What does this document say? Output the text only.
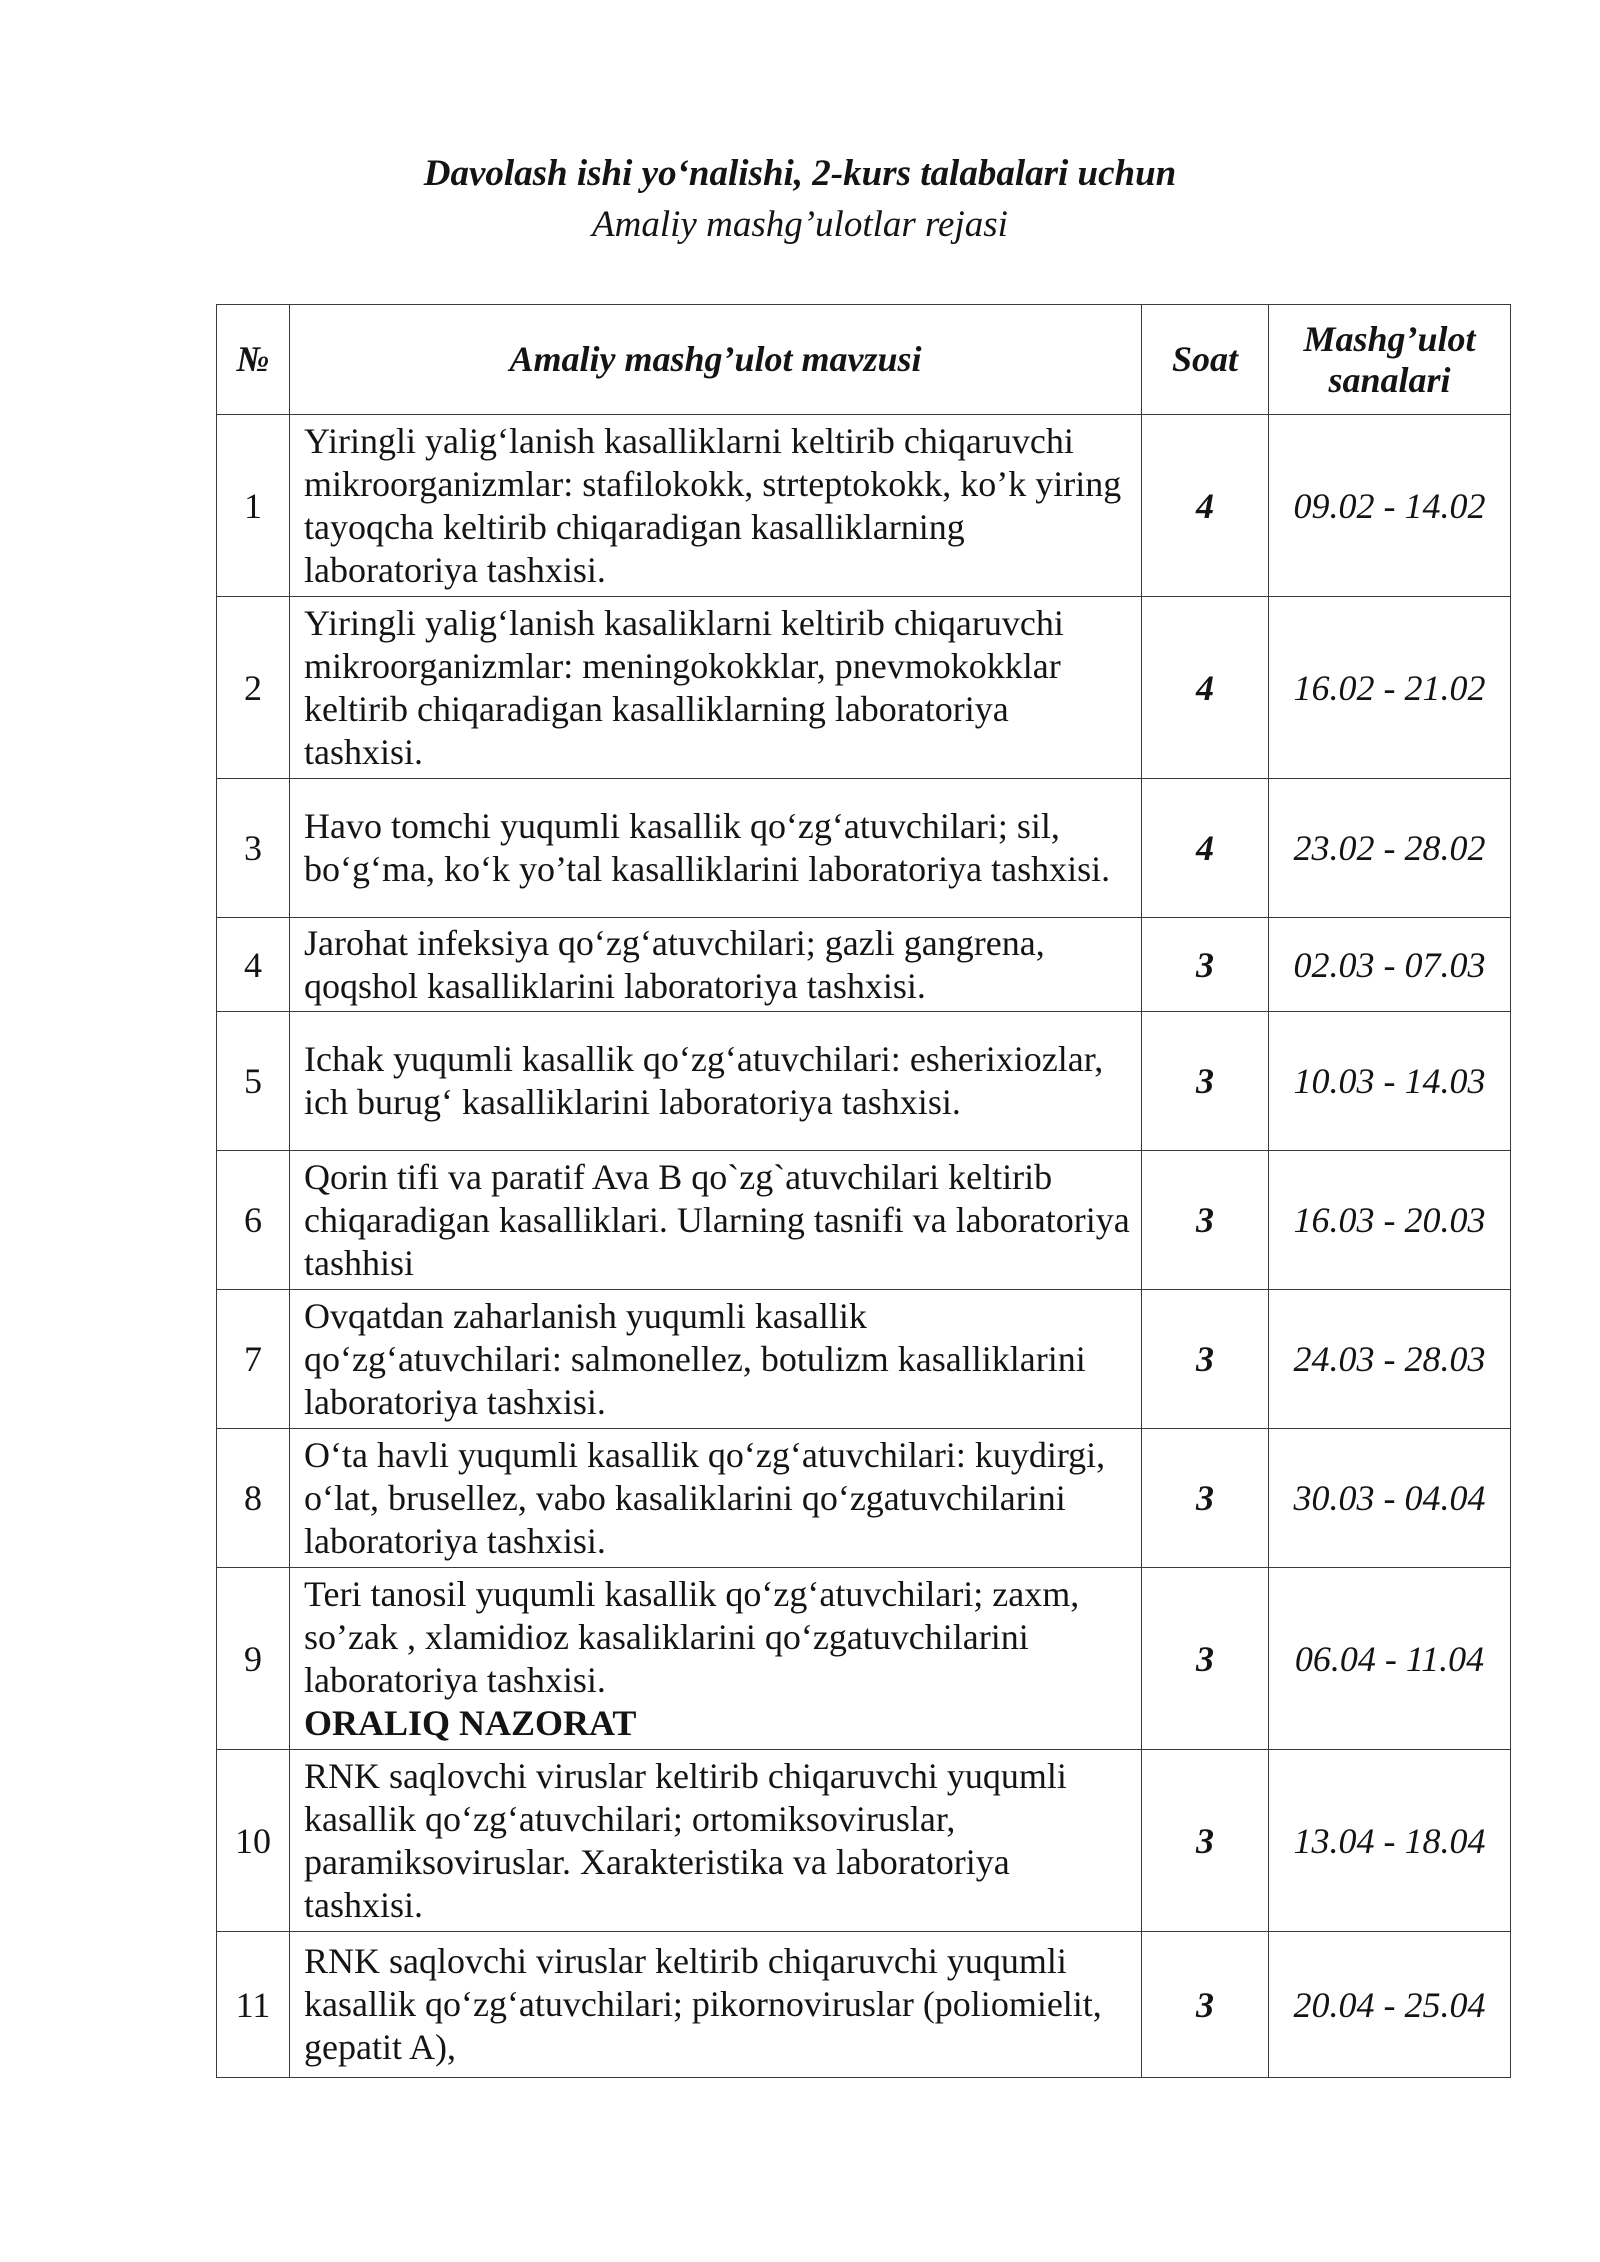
Davolash ishi yo‘nalishi, 2-kurs talabalari uchun
Amaliy mashg’ulotlar rejasi
№	Amaliy mashg’ulot mavzusi	Soat	Mashg’ulot
sanalari
1	Yiringli yalig‘lanish kasalliklarni keltirib chiqaruvchi mikroorganizmlar: stafilokokk, strteptokokk, ko’k yiring tayoqcha keltirib chiqaradigan kasalliklarning laboratoriya tashxisi.	4	09.02 - 14.02
2	Yiringli yalig‘lanish kasaliklarni keltirib chiqaruvchi mikroorganizmlar: meningokokklar, pnevmokokklar keltirib chiqaradigan kasalliklarning laboratoriya tashxisi.	4	16.02 - 21.02
3	Havo tomchi yuqumli kasallik qo‘zg‘atuvchilari; sil, bo‘g‘ma, ko‘k yo’tal kasalliklarini laboratoriya tashxisi.	4	23.02 - 28.02
4	Jarohat infeksiya qo‘zg‘atuvchilari; gazli gangrena, qoqshol kasalliklarini laboratoriya tashxisi.	3	02.03 - 07.03
5	Ichak yuqumli kasallik qo‘zg‘atuvchilari: esherixiozlar, ich burug‘ kasalliklarini laboratoriya tashxisi.	3	10.03 - 14.03
6	Qorin tifi va paratif Ava B qo`zg`atuvchilari keltirib chiqaradigan kasalliklari. Ularning tasnifi va laboratoriya tashhisi	3	16.03 - 20.03
7	Ovqatdan zaharlanish yuqumli kasallik qo‘zg‘atuvchilari: salmonellez, botulizm kasalliklarini laboratoriya tashxisi.	3	24.03 - 28.03
8	O‘ta havli yuqumli kasallik qo‘zg‘atuvchilari: kuydirgi, o‘lat, brusellez, vabo kasaliklarini qo‘zgatuvchilarini laboratoriya tashxisi.	3	30.03 - 04.04
9	Teri tanosil yuqumli kasallik qo‘zg‘atuvchilari; zaxm, so’zak , xlamidioz kasaliklarini qo‘zgatuvchilarini laboratoriya tashxisi.
ORALIQ NAZORAT	3	06.04 - 11.04
10	RNK saqlovchi viruslar keltirib chiqaruvchi yuqumli kasallik qo‘zg‘atuvchilari; ortomiksoviruslar, paramiksoviruslar. Xarakteristika va laboratoriya tashxisi.	3	13.04 - 18.04
11	RNK saqlovchi viruslar keltirib chiqaruvchi yuqumli kasallik qo‘zg‘atuvchilari; pikornoviruslar (poliomielit, gepatit A),	3	20.04 - 25.04
